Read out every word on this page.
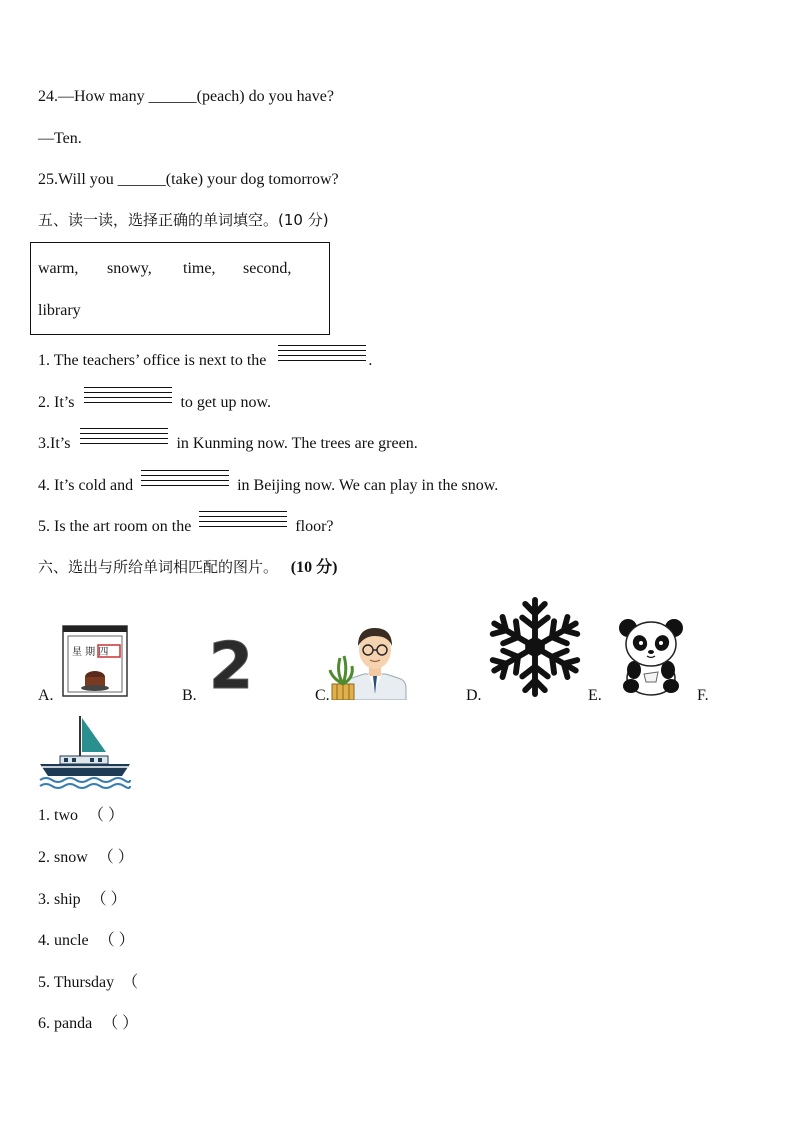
24.—How many ______(peach) do you have?
—Ten.
25.Will you ______(take) your dog tomorrow?
五、读一读，选择正确的单词填空。(10 分)
warm, snowy, time, second,
library
1. The teachers’ office is next to the	.
2. It’s	to get up now.
3.It’s	in Kunming now. The trees are green.
4. It’s cold and	in Beijing now. We can play in the snow.
5. Is the art room on the	floor?
六、选出与所给单词相匹配的图片。 (10 分)
A.
星 期 四
B. 2	C.	D.	E.	F.
1. two （ ）
2. snow （ ）
3. ship （ ）
4. uncle （ ）
5. Thursday （
6. panda （ ）
